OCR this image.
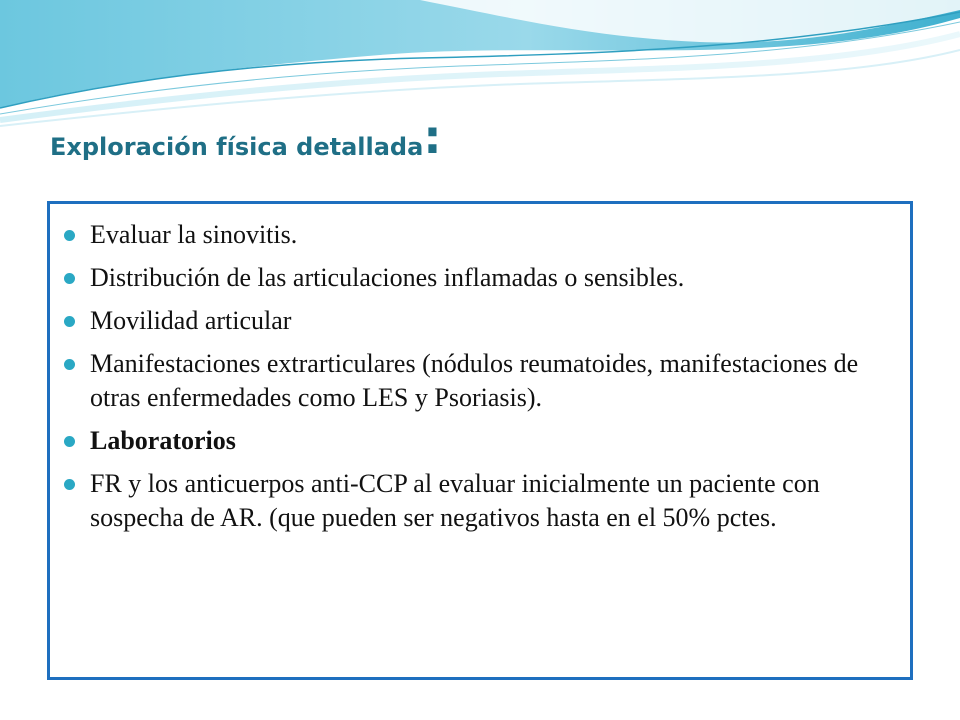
Exploración física detallada:
Evaluar la sinovitis.
Distribución de las articulaciones inflamadas o sensibles.
Movilidad articular
Manifestaciones extrarticulares (nódulos reumatoides, manifestaciones de otras enfermedades como LES y Psoriasis).
Laboratorios
FR y los anticuerpos anti-CCP al evaluar inicialmente un paciente con sospecha de AR. (que pueden ser negativos hasta en el 50% pctes.
